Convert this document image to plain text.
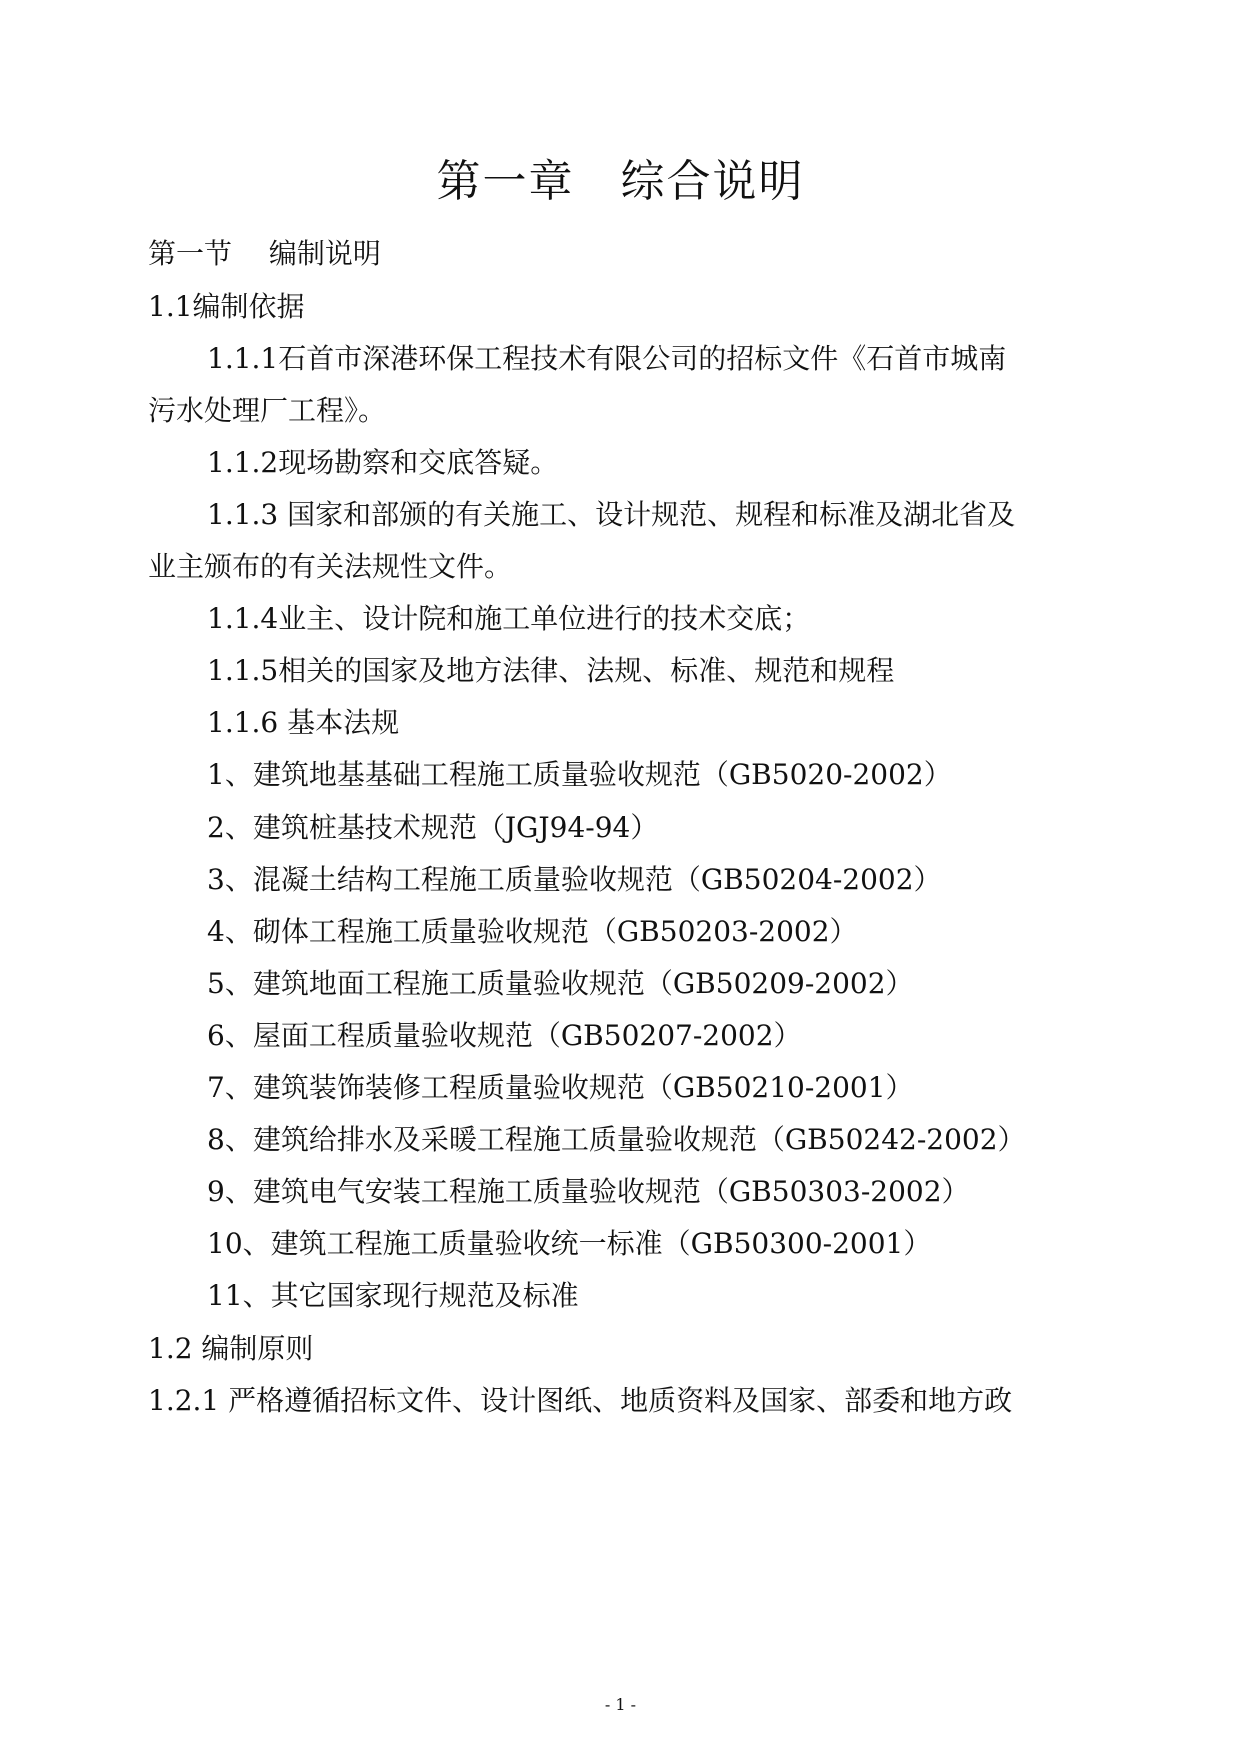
第一章　综合说明
第一节　 编制说明
1.1编制依据
1.1.1石首市深港环保工程技术有限公司的招标文件《石首市城南
污水处理厂工程》。
1.1.2现场勘察和交底答疑。
1.1.3 国家和部颁的有关施工、设计规范、规程和标准及湖北省及
业主颁布的有关法规性文件。
1.1.4业主、设计院和施工单位进行的技术交底；
1.1.5相关的国家及地方法律、法规、标准、规范和规程
1.1.6 基本法规
1、建筑地基基础工程施工质量验收规范（GB5020-2002）
2、建筑桩基技术规范（JGJ94-94）
3、混凝土结构工程施工质量验收规范（GB50204-2002）
4、砌体工程施工质量验收规范（GB50203-2002）
5、建筑地面工程施工质量验收规范（GB50209-2002）
6、屋面工程质量验收规范（GB50207-2002）
7、建筑装饰装修工程质量验收规范（GB50210-2001）
8、建筑给排水及采暖工程施工质量验收规范（GB50242-2002）
9、建筑电气安装工程施工质量验收规范（GB50303-2002）
10、建筑工程施工质量验收统一标准（GB50300-2001）
11、其它国家现行规范及标准
1.2 编制原则
1.2.1 严格遵循招标文件、设计图纸、地质资料及国家、部委和地方政
- 1 -
